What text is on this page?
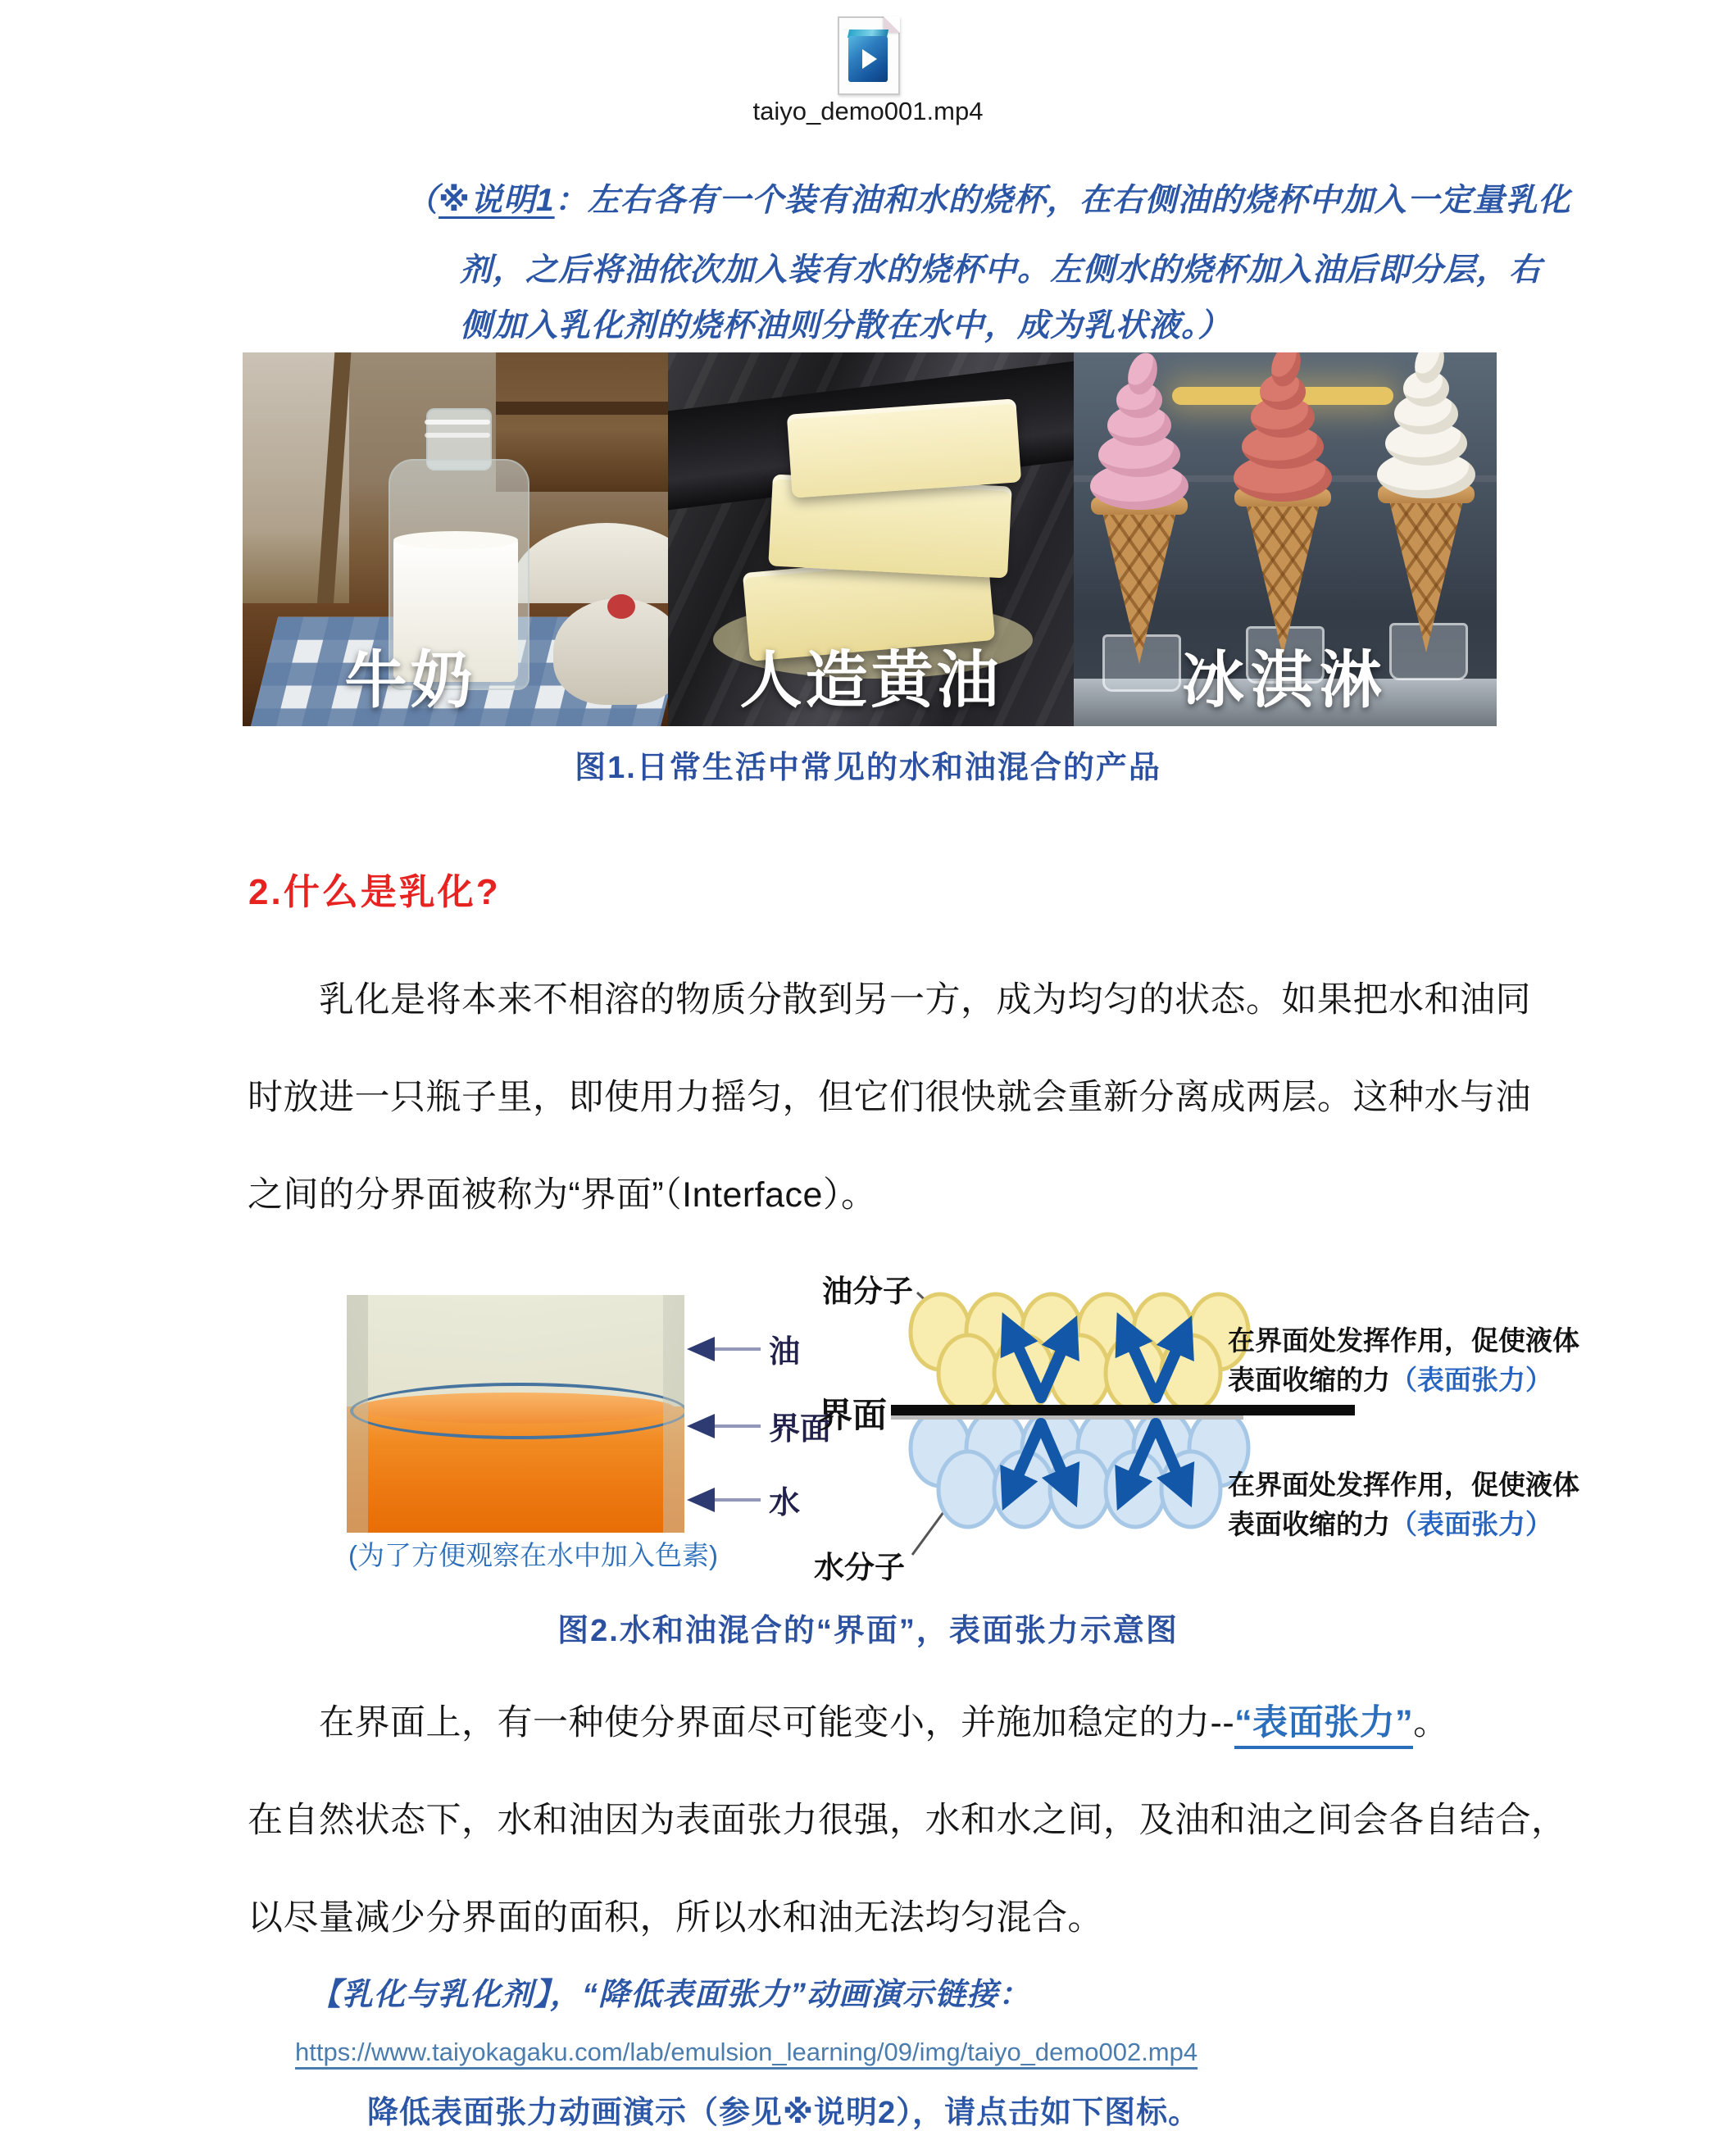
taiyo_demo001.mp4
（※说明1：左右各有一个装有油和水的烧杯，在右侧油的烧杯中加入一定量乳化
剂，之后将油依次加入装有水的烧杯中。左侧水的烧杯加入油后即分层，右
侧加入乳化剂的烧杯油则分散在水中，成为乳状液。）
牛奶	人造黄油	冰淇淋
图1.日常生活中常见的水和油混合的产品
2.什么是乳化?
乳化是将本来不相溶的物质分散到另一方，成为均匀的状态。如果把水和油同
时放进一只瓶子里，即使用力摇匀，但它们很快就会重新分离成两层。这种水与油
之间的分界面被称为“界面”（Interface）。
油
界面
水
(为了方便观察在水中加入色素)
油分子
界面
水分子
在界面处发挥作用，促使液体
表面收缩的力（表面张力）
在界面处发挥作用，促使液体
表面收缩的力（表面张力）
图2.水和油混合的“界面”，表面张力示意图
在界面上，有一种使分界面尽可能变小，并施加稳定的力--“表面张力”。
在自然状态下，水和油因为表面张力很强，水和水之间，及油和油之间会各自结合，
以尽量减少分界面的面积，所以水和油无法均匀混合。
【乳化与乳化剂】，“降低表面张力”动画演示链接：
https://www.taiyokagaku.com/lab/emulsion_learning/09/img/taiyo_demo002.mp4
降低表面张力动画演示（参见※说明2），请点击如下图标。
